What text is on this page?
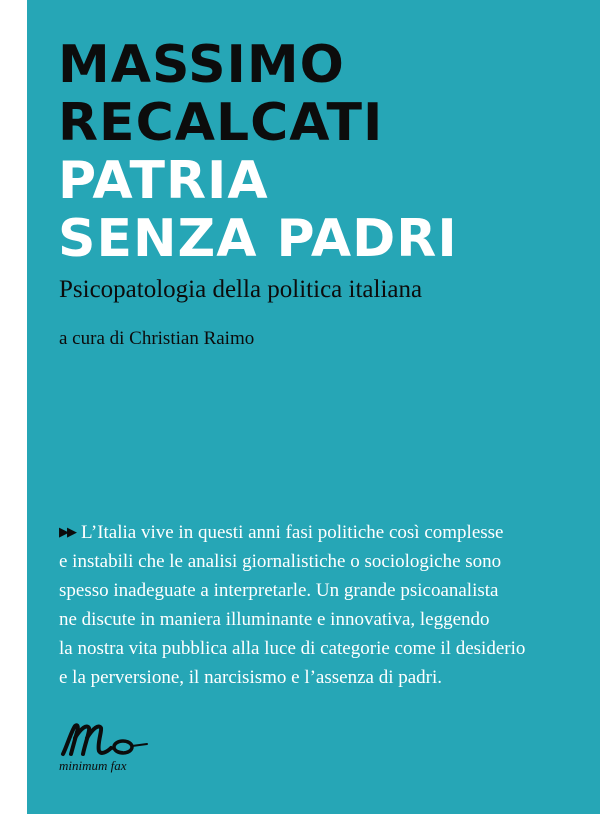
MASSIMO
RECALCATI
PATRIA
SENZA PADRI
Psicopatologia della politica italiana
a cura di Christian Raimo
▶▶ L’Italia vive in questi anni fasi politiche così complesse
e instabili che le analisi giornalistiche o sociologiche sono
spesso inadeguate a interpretarle. Un grande psicoanalista
ne discute in maniera illuminante e innovativa, leggendo
la nostra vita pubblica alla luce di categorie come il desiderio
e la perversione, il narcisismo e l’assenza di padri.
minimum fax
